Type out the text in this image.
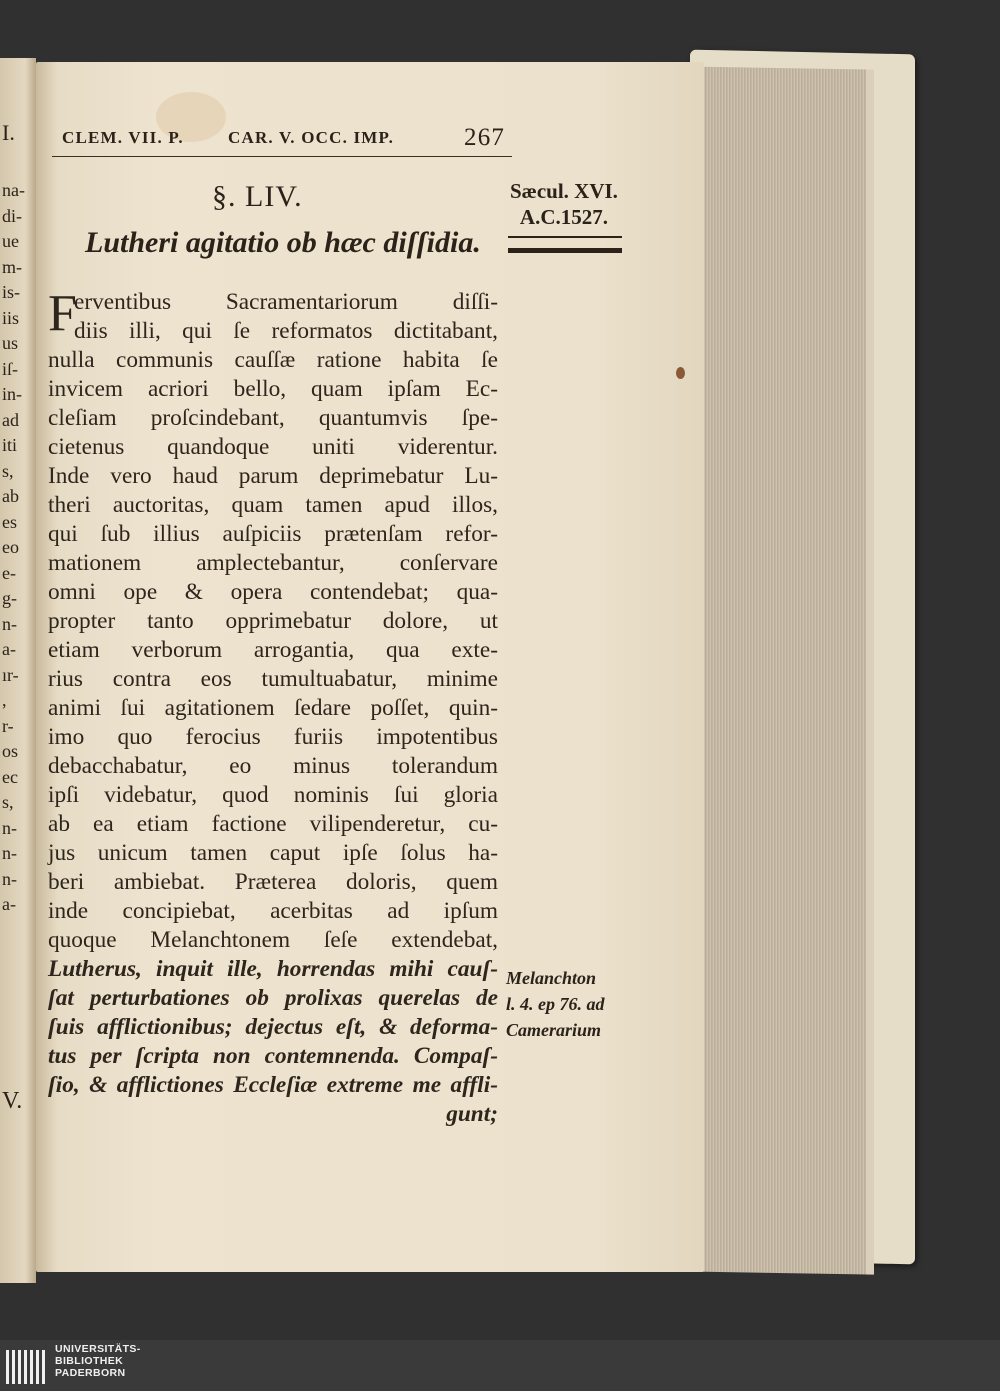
I.
na-
di-
ue
m-
is-
iis
us
iſ-
in-
ad
iti
s,
ab
es
eo
e-
g-
n-
a-
ır-
,
r-
os
ec
s,
n-
n-
n-
a-
V.
CLEM. VII. P.	CAR. V. OCC. IMP.	267
§. LIV.
Lutheri agitatio ob hæc diſſidia.
Sæcul. XVI.
A.C.1527.
F
erventibus Sacramentariorum diſſi-
diis illi, qui ſe reformatos dictitabant,
nulla communis cauſſæ ratione habita ſe
invicem acriori bello, quam ipſam Ec-
cleſiam proſcindebant, quantumvis ſpe-
cietenus quandoque uniti viderentur.
Inde vero haud parum deprimebatur Lu-
theri auctoritas, quam tamen apud illos,
qui ſub illius auſpiciis prætenſam refor-
mationem amplectebantur, conſervare
omni ope & opera contendebat; qua-
propter tanto opprimebatur dolore, ut
etiam verborum arrogantia, qua exte-
rius contra eos tumultuabatur, minime
animi ſui agitationem ſedare poſſet, quin-
imo quo ferocius furiis impotentibus
debacchabatur, eo minus tolerandum
ipſi videbatur, quod nominis ſui gloria
ab ea etiam factione vilipenderetur, cu-
jus unicum tamen caput ipſe ſolus ha-
beri ambiebat. Præterea doloris, quem
inde concipiebat, acerbitas ad ipſum
quoque Melanchtonem ſeſe extendebat,
Lutherus, inquit ille, horrendas mihi cauſ-
ſat perturbationes ob prolixas querelas de
ſuis afflictionibus; dejectus eſt, & deforma-
tus per ſcripta non contemnenda. Compaſ-
ſio, & afflictiones Eccleſiæ extreme me affli-
gunt;
Melanchton
l. 4. ep 76. ad
Camerarium
UNIVERSITÄTS-
BIBLIOTHEK
PADERBORN
